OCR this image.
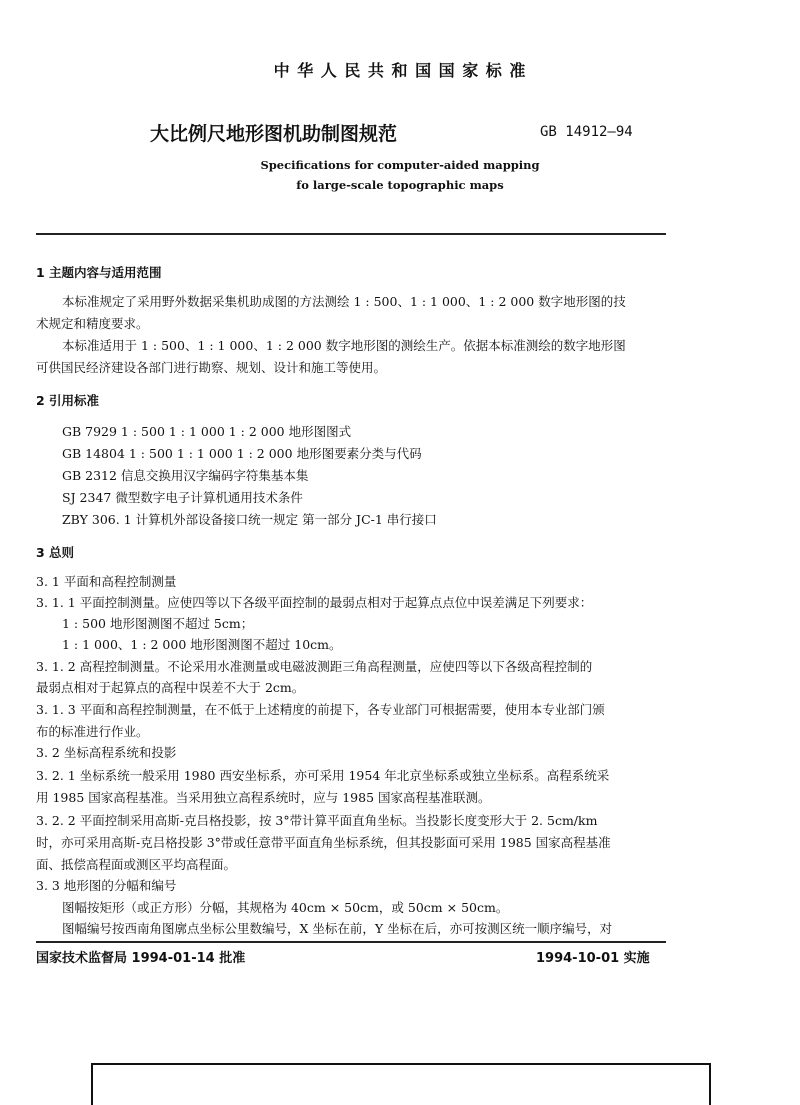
中 华 人 民 共 和 国 国 家 标 准
大比例尺地形图机助制图规范	GB 14912—94
Specifications for computer-aided mapping
fo large-scale topographic maps
1 主题内容与适用范围
本标准规定了采用野外数据采集机助成图的方法测绘 1 : 500、1 : 1 000、1 : 2 000 数字地形图的技
术规定和精度要求。
本标准适用于 1 : 500、1 : 1 000、1 : 2 000 数字地形图的测绘生产。依据本标准测绘的数字地形图
可供国民经济建设各部门进行勘察、规划、设计和施工等使用。
2 引用标准
GB 7929 1 : 500 1 : 1 000 1 : 2 000 地形图图式
GB 14804 1 : 500 1 : 1 000 1 : 2 000 地形图要素分类与代码
GB 2312 信息交换用汉字编码字符集基本集
SJ 2347 微型数字电子计算机通用技术条件
ZBY 306. 1 计算机外部设备接口统一规定 第一部分 JC-1 串行接口
3 总则
3. 1 平面和高程控制测量
3. 1. 1 平面控制测量。应使四等以下各级平面控制的最弱点相对于起算点点位中误差满足下列要求：
1 : 500 地形图测图不超过 5cm；
1 : 1 000、1 : 2 000 地形图测图不超过 10cm。
3. 1. 2 高程控制测量。不论采用水准测量或电磁波测距三角高程测量，应使四等以下各级高程控制的
最弱点相对于起算点的高程中误差不大于 2cm。
3. 1. 3 平面和高程控制测量，在不低于上述精度的前提下，各专业部门可根据需要，使用本专业部门颁
布的标准进行作业。
3. 2 坐标高程系统和投影
3. 2. 1 坐标系统一般采用 1980 西安坐标系，亦可采用 1954 年北京坐标系或独立坐标系。高程系统采
用 1985 国家高程基准。当采用独立高程系统时，应与 1985 国家高程基准联测。
3. 2. 2 平面控制采用高斯-克吕格投影，按 3°带计算平面直角坐标。当投影长度变形大于 2. 5cm/km
时，亦可采用高斯-克吕格投影 3°带或任意带平面直角坐标系统，但其投影面可采用 1985 国家高程基准
面、抵偿高程面或测区平均高程面。
3. 3 地形图的分幅和编号
图幅按矩形（或正方形）分幅，其规格为 40cm × 50cm，或 50cm × 50cm。
图幅编号按西南角图廓点坐标公里数编号，X 坐标在前，Y 坐标在后，亦可按测区统一顺序编号，对
国家技术监督局 1994-01-14 批准	1994-10-01 实施
